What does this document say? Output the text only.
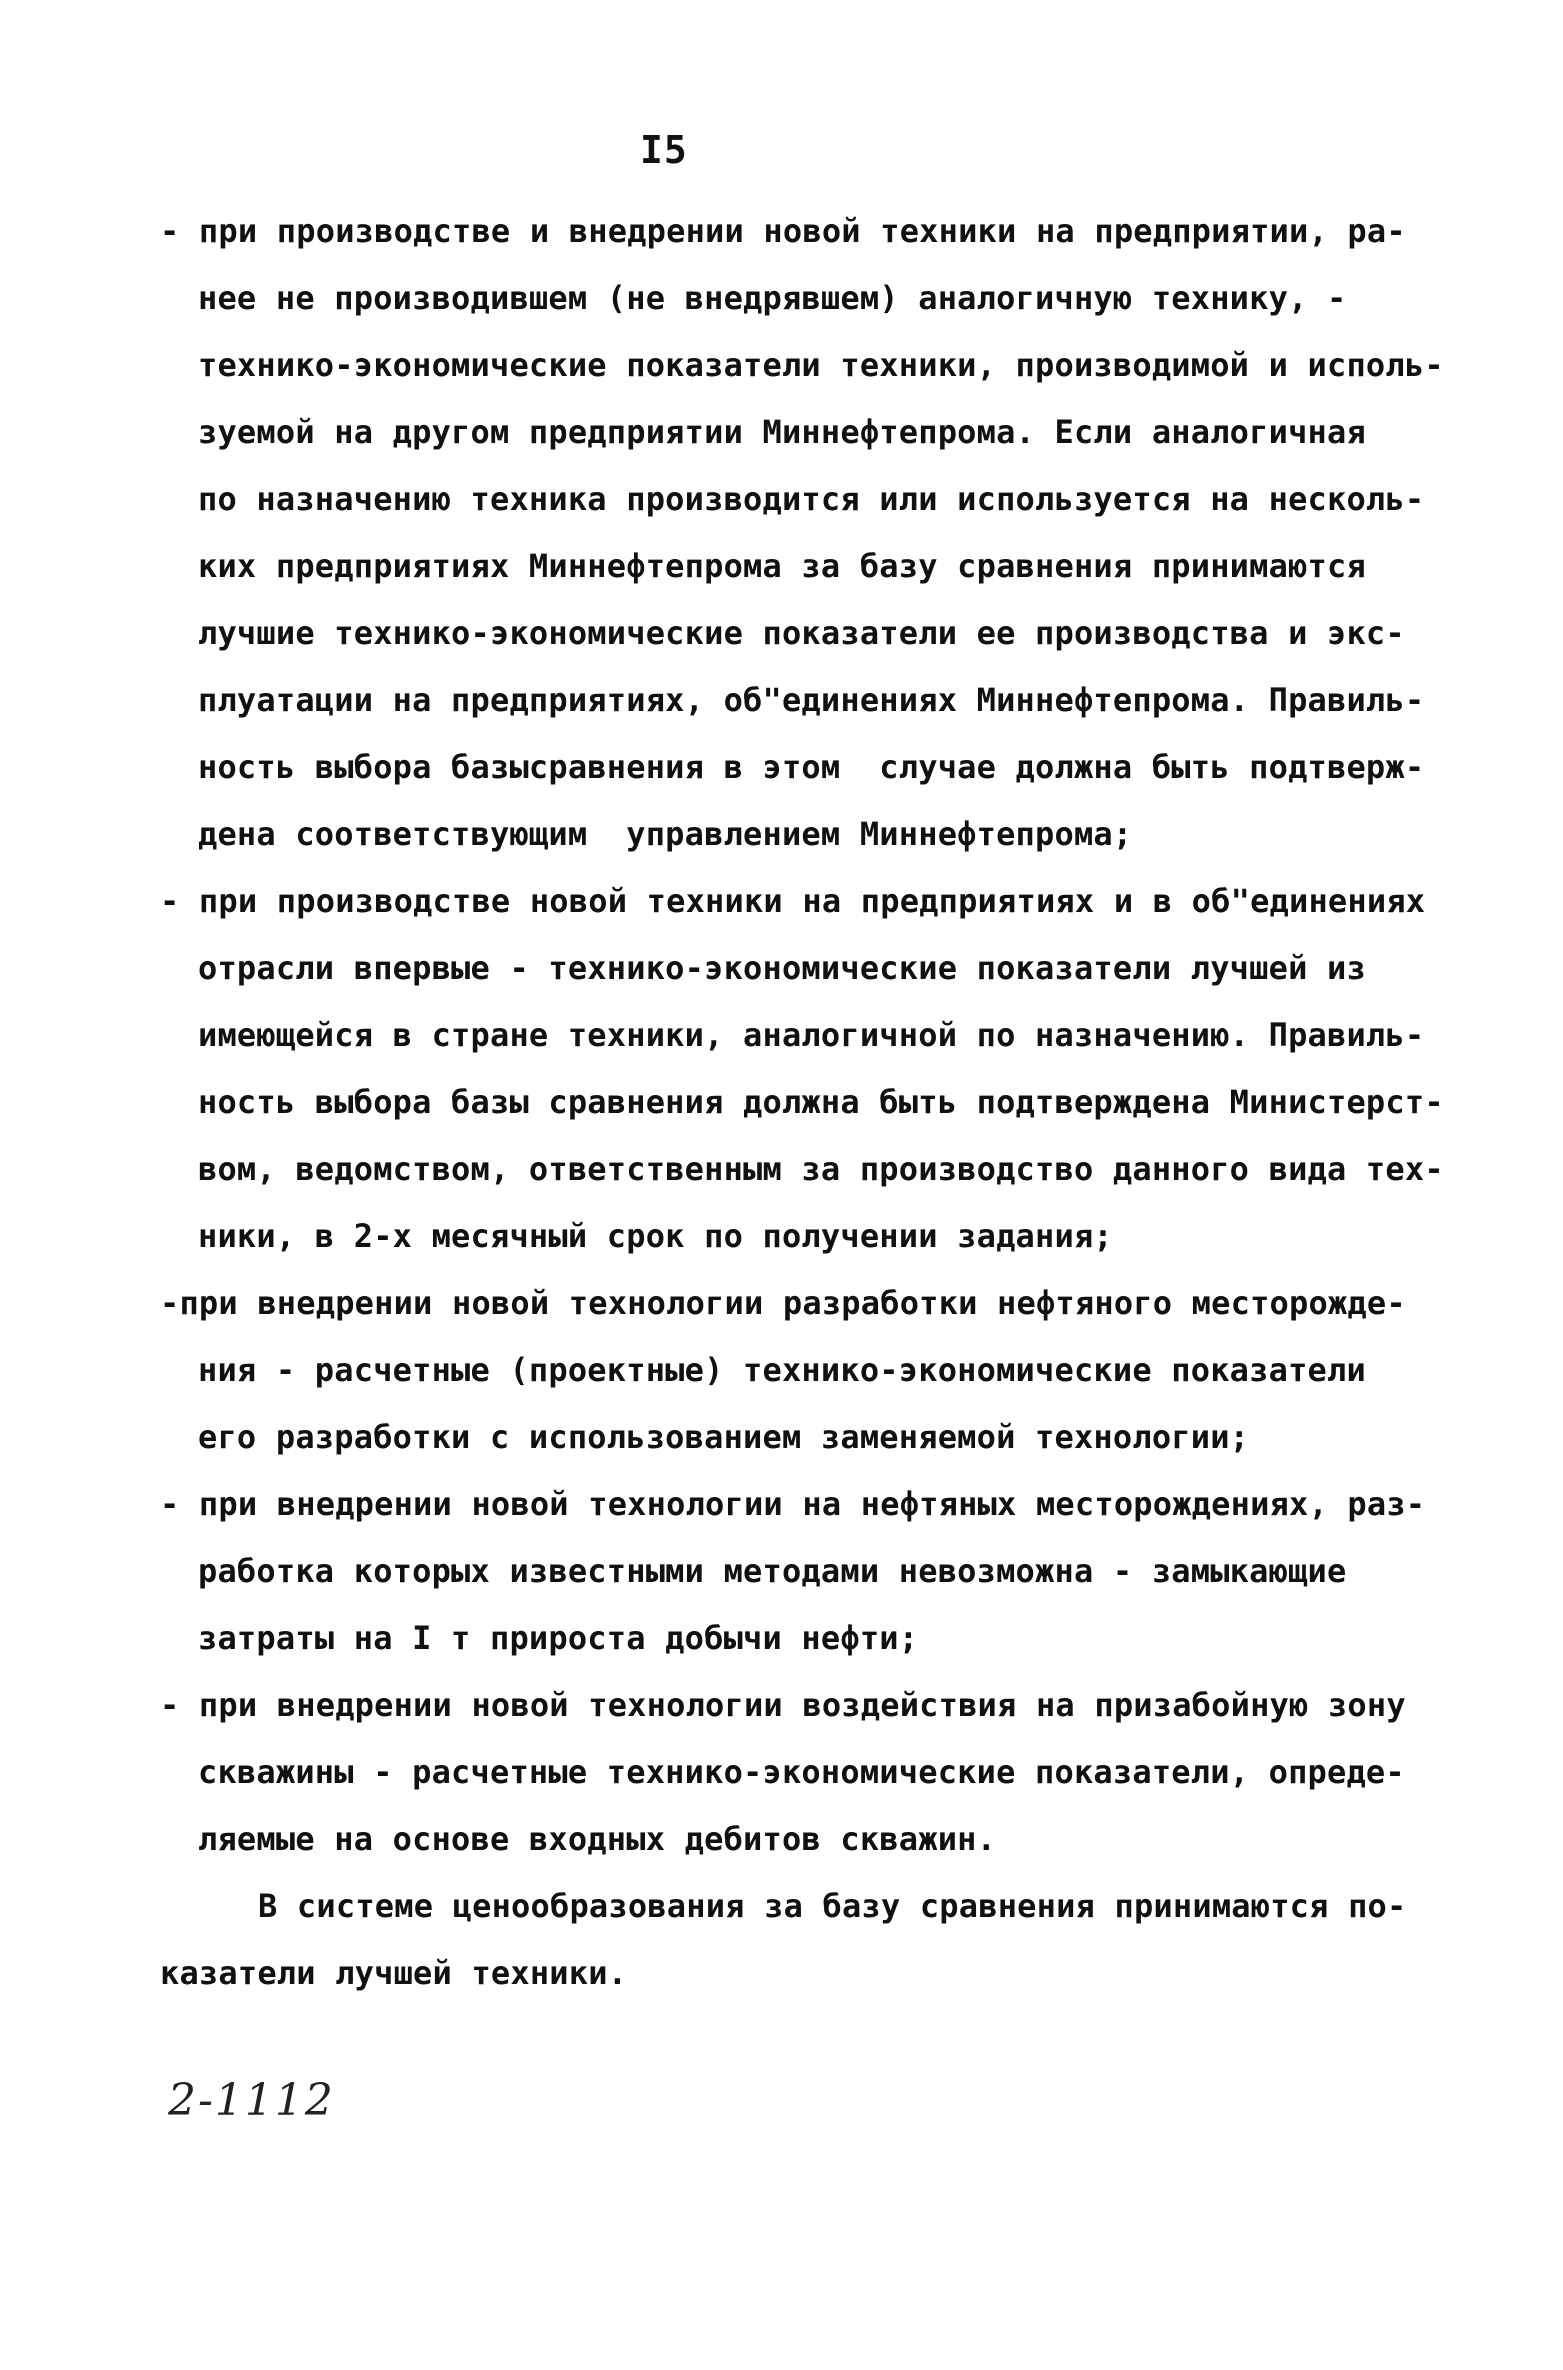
I5
- при производстве и внедрении новой техники на предприятии, ра-
нее не производившем (не внедрявшем) аналогичную технику, -
технико-экономические показатели техники, производимой и исполь-
зуемой на другом предприятии Миннефтепрома. Если аналогичная
по назначению техника производится или используется на несколь-
ких предприятиях Миннефтепрома за базу сравнения принимаются
лучшие технико-экономические показатели ее производства и экс-
плуатации на предприятиях, об"единениях Миннефтепрома. Правиль-
ность выбора базысравнения в этом  случае должна быть подтверж-
дена соответствующим  управлением Миннефтепрома;
- при производстве новой техники на предприятиях и в об"единениях
отрасли впервые - технико-экономические показатели лучшей из
имеющейся в стране техники, аналогичной по назначению. Правиль-
ность выбора базы сравнения должна быть подтверждена Министерст-
вом, ведомством, ответственным за производство данного вида тех-
ники, в 2-х месячный срок по получении задания;
-при внедрении новой технологии разработки нефтяного месторожде-
ния - расчетные (проектные) технико-экономические показатели
его разработки с использованием заменяемой технологии;
- при внедрении новой технологии на нефтяных месторождениях, раз-
работка которых известными методами невозможна - замыкающие
затраты на I т прироста добычи нефти;
- при внедрении новой технологии воздействия на призабойную зону
скважины - расчетные технико-экономические показатели, опреде-
ляемые на основе входных дебитов скважин.
В системе ценообразования за базу сравнения принимаются по-
казатели лучшей техники.
2-1112
